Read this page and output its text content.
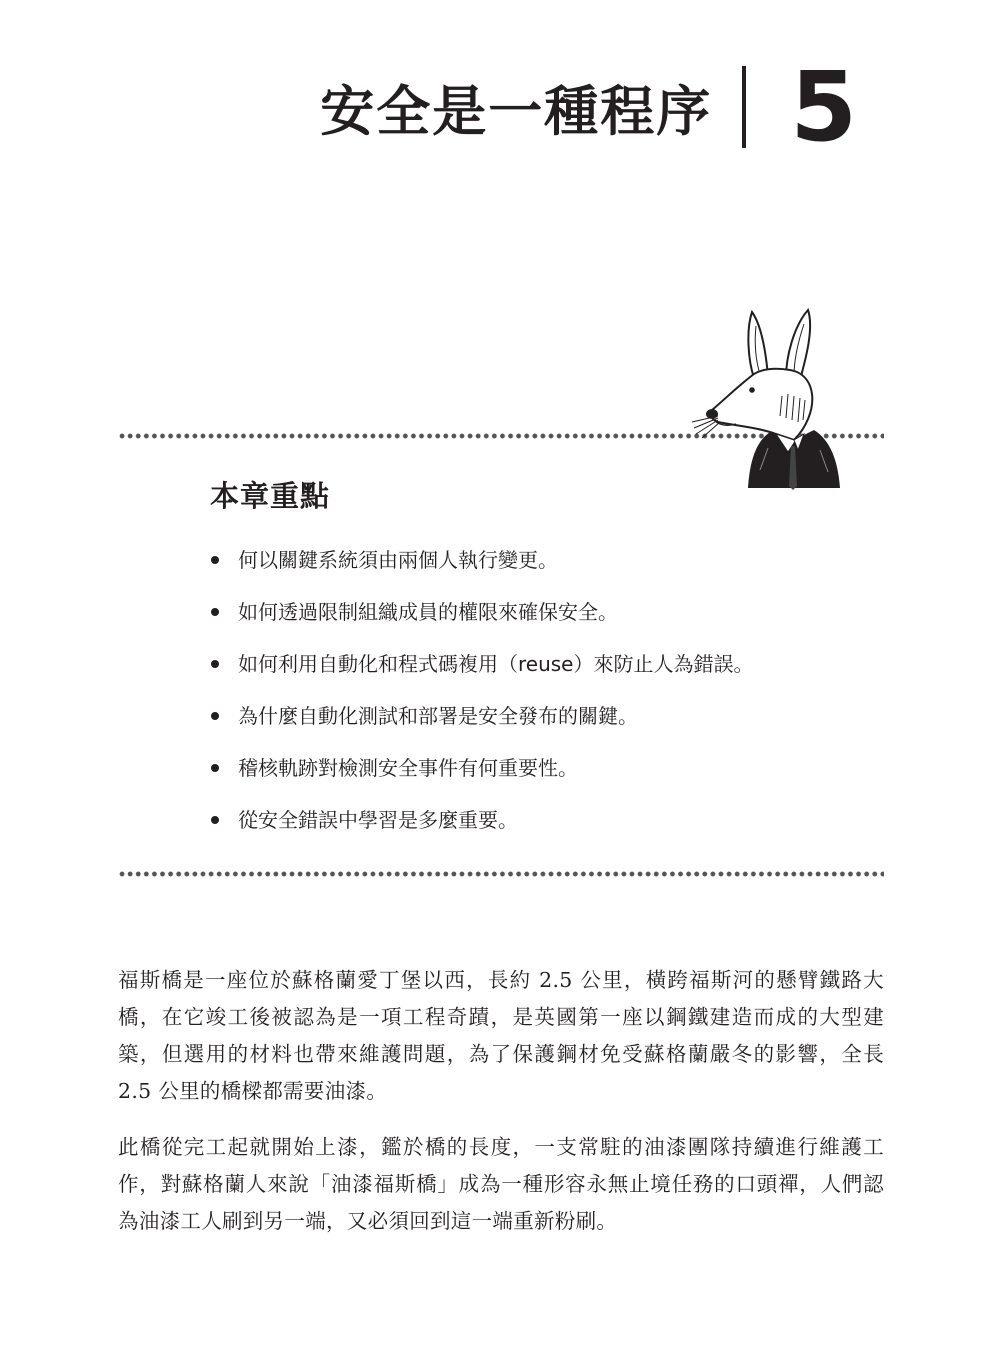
安全是一種程序 5
本章重點
何以關鍵系統須由兩個人執行變更。
如何透過限制組織成員的權限來確保安全。
如何利用自動化和程式碼複用（reuse）來防止人為錯誤。
為什麼自動化測試和部署是安全發布的關鍵。
稽核軌跡對檢測安全事件有何重要性。
從安全錯誤中學習是多麼重要。

福斯橋是一座位於蘇格蘭愛丁堡以西，長約 2.5 公里，橫跨福斯河的懸臂鐵路大橋，在它竣工後被認為是一項工程奇蹟，是英國第一座以鋼鐵建造而成的大型建築，但選用的材料也帶來維護問題，為了保護鋼材免受蘇格蘭嚴冬的影響，全長 2.5 公里的橋樑都需要油漆。

此橋從完工起就開始上漆，鑑於橋的長度，一支常駐的油漆團隊持續進行維護工作，對蘇格蘭人來說「油漆福斯橋」成為一種形容永無止境任務的口頭禪，人們認為油漆工人刷到另一端，又必須回到這一端重新粉刷。
